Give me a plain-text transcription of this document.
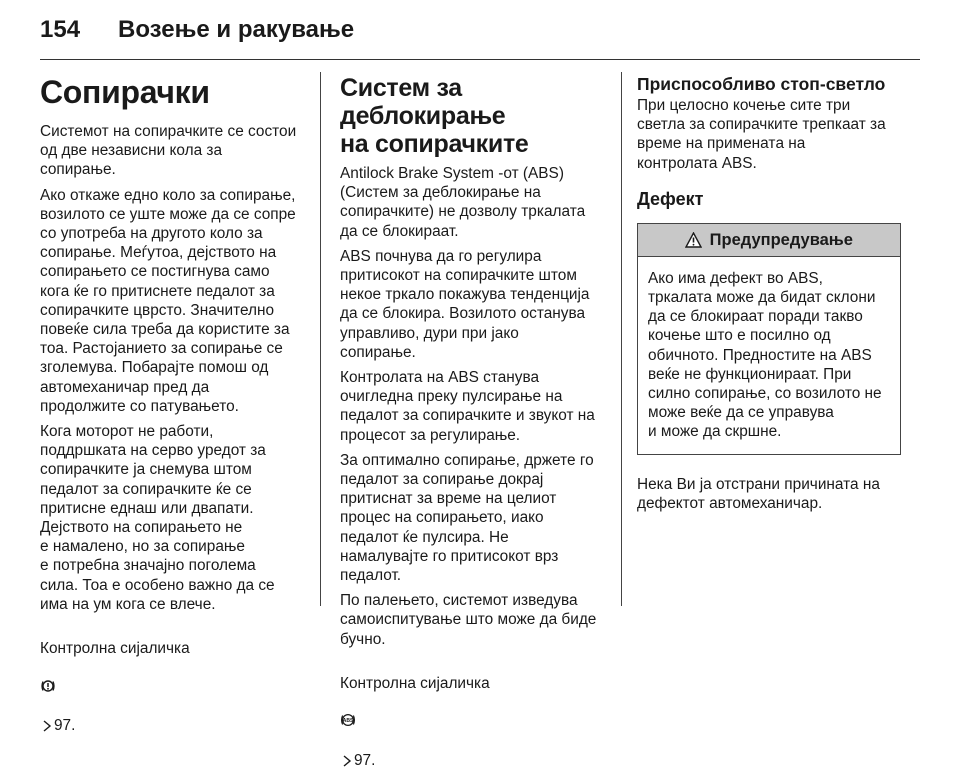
154 Возење и ракување
Сопирачки

Системот на сопирачките се состои
од две независни кола за
сопирање.

Ако откаже едно коло за сопирање,
возилото се уште може да се сопре
со употреба на другото коло за
сопирање. Меѓутоа, дејството на
сопирањето се постигнува само
кога ќе го притиснете педалот за
сопирачките цврсто. Значително
повеќе сила треба да користите за
тоа. Растојанието за сопирање се
зголемува. Побарајте помош од
автомеханичар пред да
продолжите со патувањето.

Кога моторот не работи,
поддршката на серво уредот за
сопирачките ја снемува штом
педалот за сопирачките ќе се
притисне еднаш или двапати.
Дејството на сопирањето не
е намалено, но за сопирање
е потребна значајно поголема
сила. Тоа е особено важно да се
има на ум кога се влече.

Контролна сијаличка

97.

Систем за деблокирање
на сопирачките

Antilock Brake System -от (ABS)
(Систем за деблокирање на
сопирачките) не дозволу тркалата
да се блокираат.

ABS почнува да го регулира
притисокот на сопирачките штом
некое тркало покажува тенденција
да се блокира. Возилото останува
управливо, дури при јако
сопирање.

Контролата на ABS станува
очигледна преку пулсирање на
педалот за сопирачките и звукот на
процесот за регулирање.

За оптимално сопирање, држете го
педалот за сопирање докрај
притиснат за време на целиот
процес на сопирањето, иако
педалот ќе пулсира. Не
намалувајте го притисокот врз
педалот.

По палењето, системот изведува
самоиспитување што може да биде
бучно.

Контролна сијаличка

ABS

97.

Приспособливо стоп-светло

При целосно кочење сите три
светла за сопирачките трепкаат за
време на применатa на
контролата ABS.

Дефект
Предупредување

Ако има дефект во ABS,
тркалата може да бидат склони
да се блокираат поради такво
кочење што е посилно од
обичното. Предностите на ABS
веќе не функционираат. При
силно сопирање, со возилото не
може веќе да се управува
и може да скршне.

Нека Ви ја отстрани причината на
дефектот автомеханичар.
